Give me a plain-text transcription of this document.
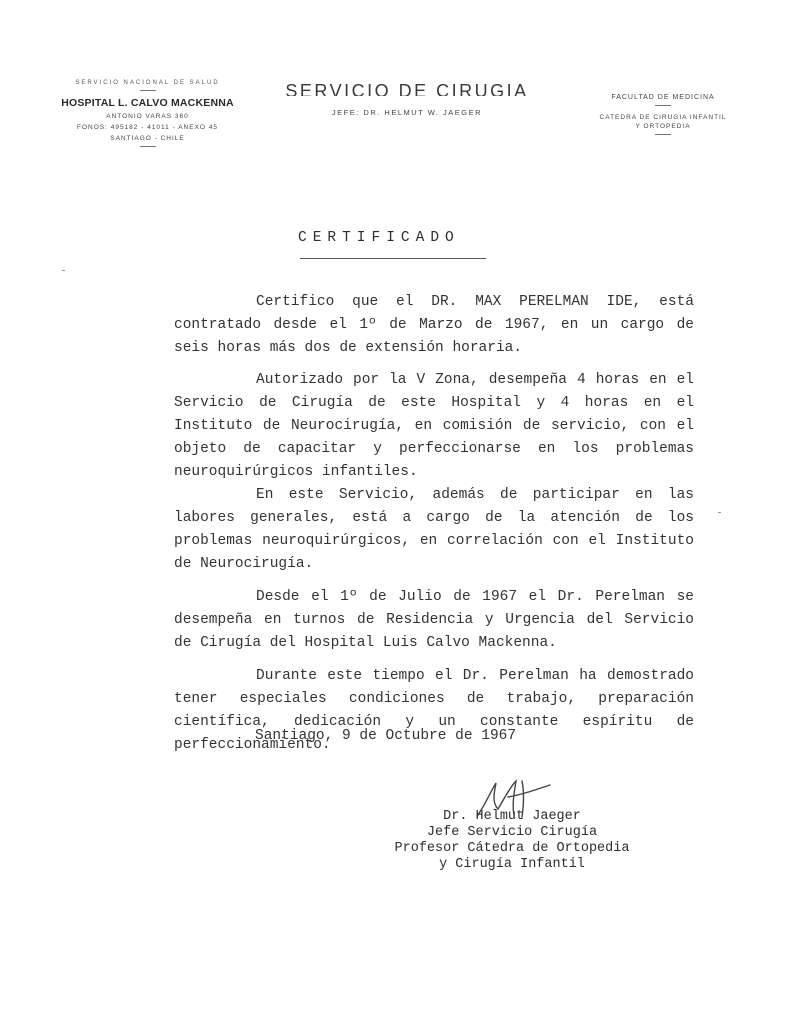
SERVICIO NACIONAL DE SALUD
HOSPITAL L. CALVO MACKENNA
ANTONIO VARAS 360
FONOS: 495182 - 41011 - ANEXO 45
SANTIAGO - CHILE
SERVICIO DE CIRUGIA
JEFE: DR. HELMUT W. JAEGER
FACULTAD DE MEDICINA
CATEDRA DE CIRUGIA INFANTIL
Y ORTOPEDIA
CERTIFICADO

Certifico que el DR. MAX PERELMAN IDE, está contratado desde el 1º de Marzo de 1967, en un cargo de seis horas más dos de extensión horaria.

Autorizado por la V Zona, desempeña 4 horas en el Servicio de Cirugía de este Hospital y 4 horas en el Instituto de Neurocirugía, en comisión de servicio, con el objeto de capacitar y perfeccionarse en los problemas neuroquirúrgicos infantiles.

En este Servicio, además de participar en las labores generales, está a cargo de la atención de los problemas neuroquirúrgicos, en correlación con el Instituto de Neurocirugía.

Desde el 1º de Julio de 1967 el Dr. Perelman se desempeña en turnos de Residencia y Urgencia del Servicio de Cirugía del Hospital Luis Calvo Mackenna.

Durante este tiempo el Dr. Perelman ha demostrado tener especiales condiciones de trabajo, preparación científica, dedicación y un constante espíritu de perfeccionamiento.

Santiago, 9 de Octubre de 1967
Dr. Helmut Jaeger
Jefe Servicio Cirugía
Profesor Cátedra de Ortopedia
y Cirugía Infantil
